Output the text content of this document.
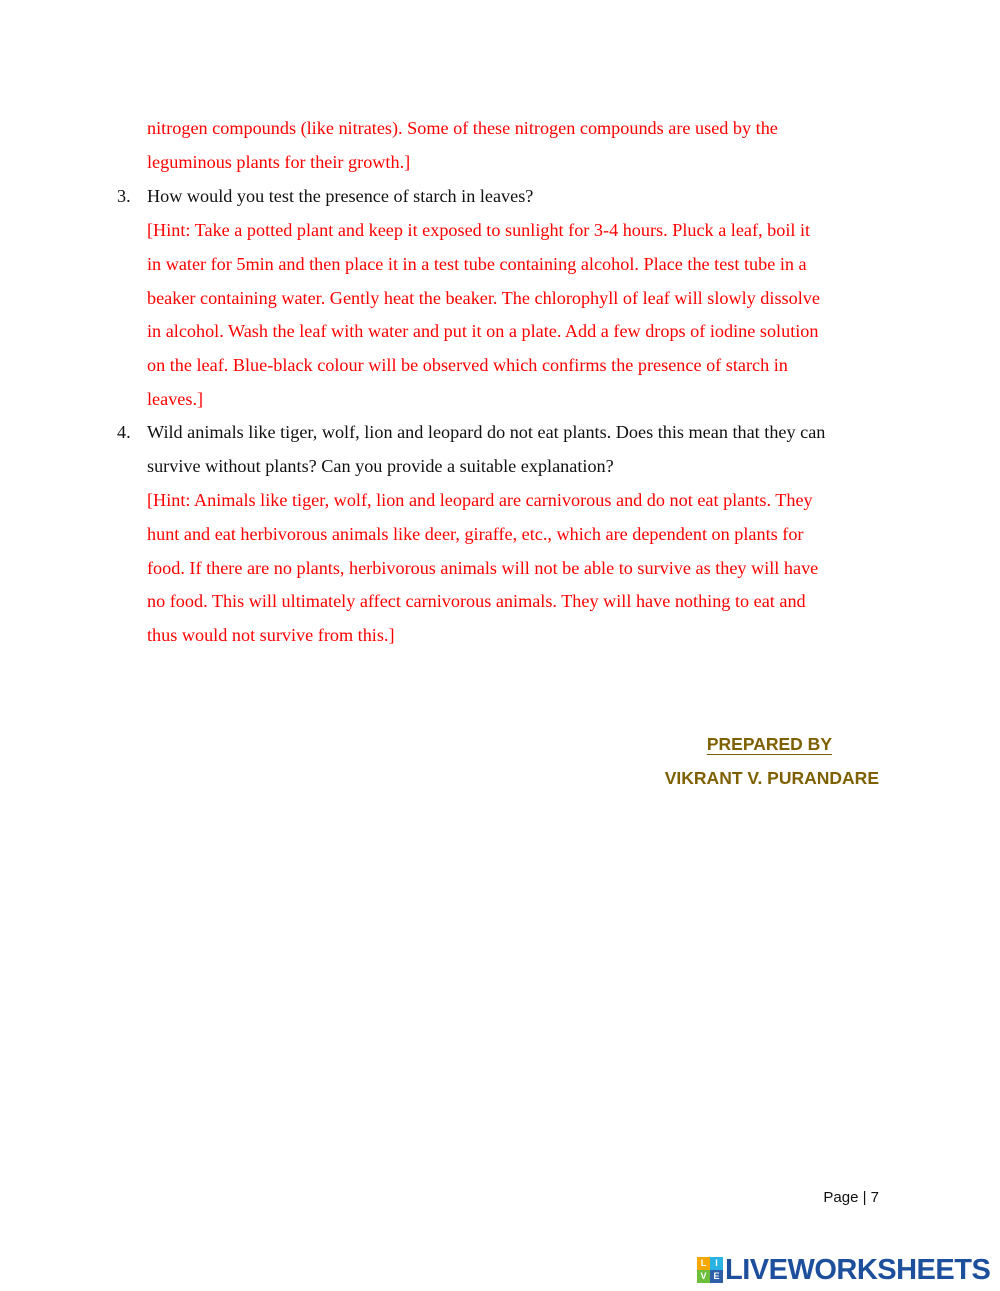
nitrogen compounds (like nitrates). Some of these nitrogen compounds are used by the
leguminous plants for their growth.]
3. How would you test the presence of starch in leaves?
[Hint: Take a potted plant and keep it exposed to sunlight for 3-4 hours. Pluck a leaf, boil it
in water for 5min and then place it in a test tube containing alcohol. Place the test tube in a
beaker containing water. Gently heat the beaker. The chlorophyll of leaf will slowly dissolve
in alcohol. Wash the leaf with water and put it on a plate. Add a few drops of iodine solution
on the leaf. Blue-black colour will be observed which confirms the presence of starch in
leaves.]
4. Wild animals like tiger, wolf, lion and leopard do not eat plants. Does this mean that they can
survive without plants? Can you provide a suitable explanation?
[Hint: Animals like tiger, wolf, lion and leopard are carnivorous and do not eat plants. They
hunt and eat herbivorous animals like deer, giraffe, etc., which are dependent on plants for
food. If there are no plants, herbivorous animals will not be able to survive as they will have
no food. This will ultimately affect carnivorous animals. They will have nothing to eat and
thus would not survive from this.]
PREPARED BY
VIKRANT V. PURANDARE
Page | 7
L I
V E LIVEWORKSHEETS
